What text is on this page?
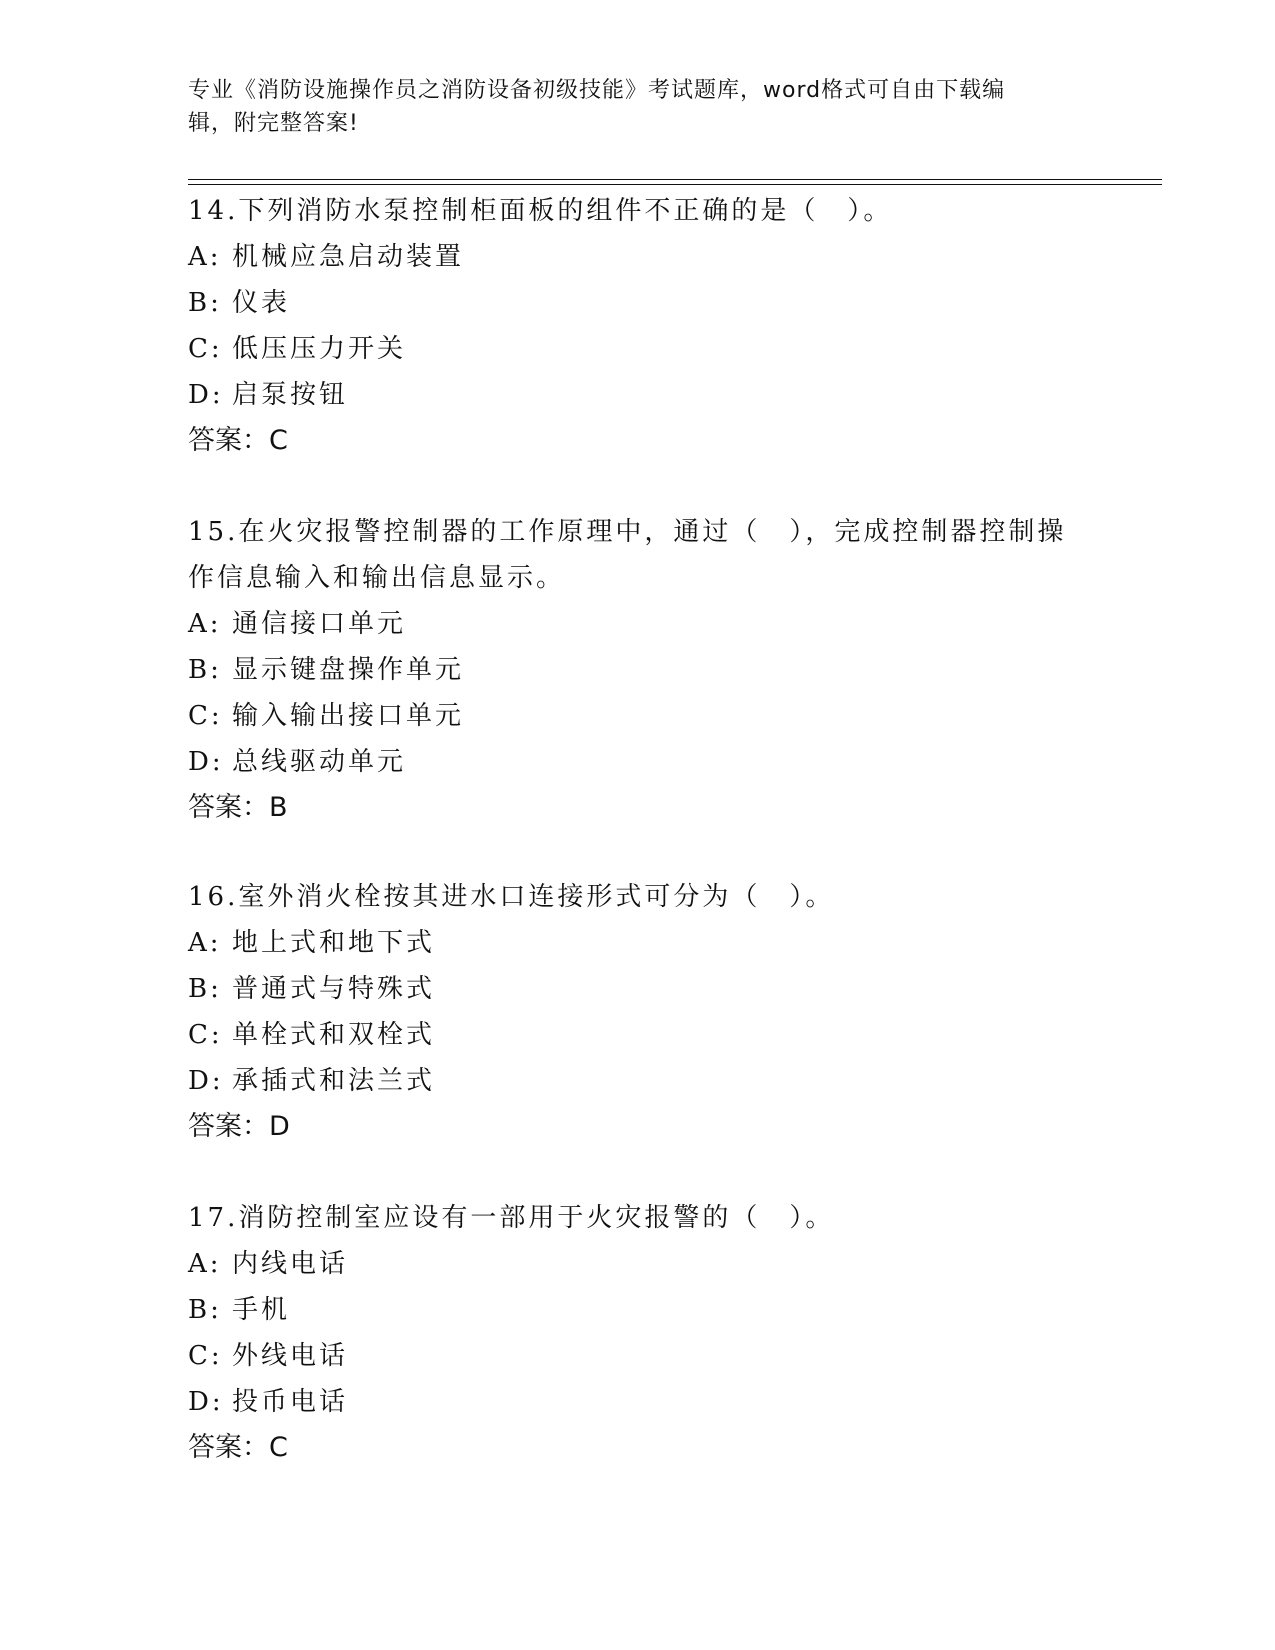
专业《消防设施操作员之消防设备初级技能》考试题库，word格式可自由下载编
辑，附完整答案!

14.下列消防水泵控制柜面板的组件不正确的是（　）。

A: 机械应急启动装置

B: 仪表

C: 低压压力开关

D: 启泵按钮

答案：C

15.在火灾报警控制器的工作原理中，通过（　），完成控制器控制操作信息输入和输出信息显示。

A: 通信接口单元

B: 显示键盘操作单元

C: 输入输出接口单元

D: 总线驱动单元

答案：B

16.室外消火栓按其进水口连接形式可分为（　）。

A: 地上式和地下式

B: 普通式与特殊式

C: 单栓式和双栓式

D: 承插式和法兰式

答案：D

17.消防控制室应设有一部用于火灾报警的（　）。

A: 内线电话

B: 手机

C: 外线电话

D: 投币电话

答案：C
